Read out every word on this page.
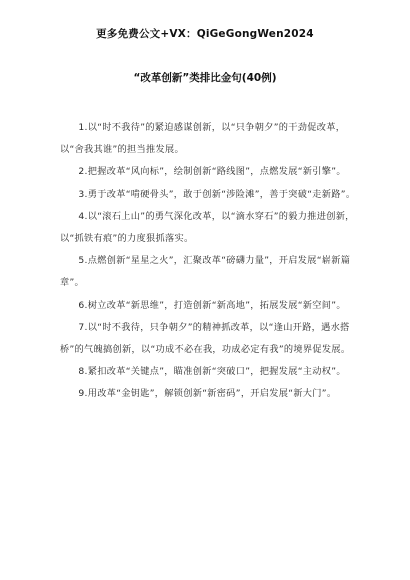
更多免费公文+VX：QiGeGongWen2024
“改革创新”类排比金句(40例)

1.以“时不我待”的紧迫感谋创新，以“只争朝夕”的干劲促改革，以“舍我其谁”的担当推发展。

2.把握改革“风向标”，绘制创新“路线图”，点燃发展“新引擎”。

3.勇于改革“啃硬骨头”，敢于创新“涉险滩”，善于突破“走新路”。

4.以“滚石上山”的勇气深化改革，以“滴水穿石”的毅力推进创新，以“抓铁有痕”的力度狠抓落实。

5.点燃创新“星星之火”，汇聚改革“磅礴力量”，开启发展“崭新篇章”。

6.树立改革“新思维”，打造创新“新高地”，拓展发展“新空间”。

7.以“时不我待，只争朝夕”的精神抓改革，以“逢山开路，遇水搭桥”的气魄搞创新，以“功成不必在我，功成必定有我”的境界促发展。

8.紧扣改革“关键点”，瞄准创新“突破口”，把握发展“主动权”。

9.用改革“金钥匙”，解锁创新“新密码”，开启发展“新大门”。
